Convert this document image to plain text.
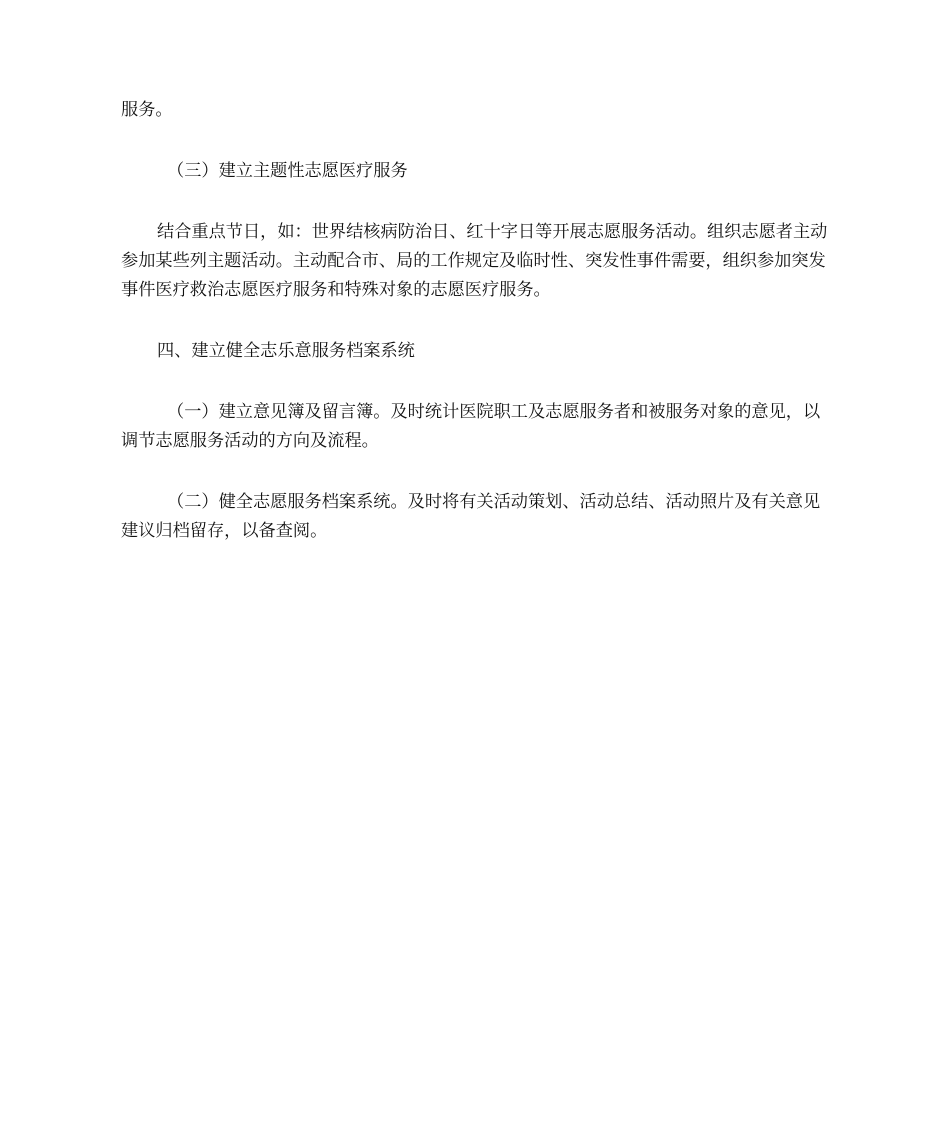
服务。

（三）建立主题性志愿医疗服务

结合重点节日，如：世界结核病防治日、红十字日等开展志愿服务活动。组织志愿者主动参加某些列主题活动。主动配合市、局的工作规定及临时性、突发性事件需要，组织参加突发事件医疗救治志愿医疗服务和特殊对象的志愿医疗服务。

四、建立健全志乐意服务档案系统

（一）建立意见簿及留言簿。及时统计医院职工及志愿服务者和被服务对象的意见，以调节志愿服务活动的方向及流程。

（二）健全志愿服务档案系统。及时将有关活动策划、活动总结、活动照片及有关意见建议归档留存，以备查阅。
